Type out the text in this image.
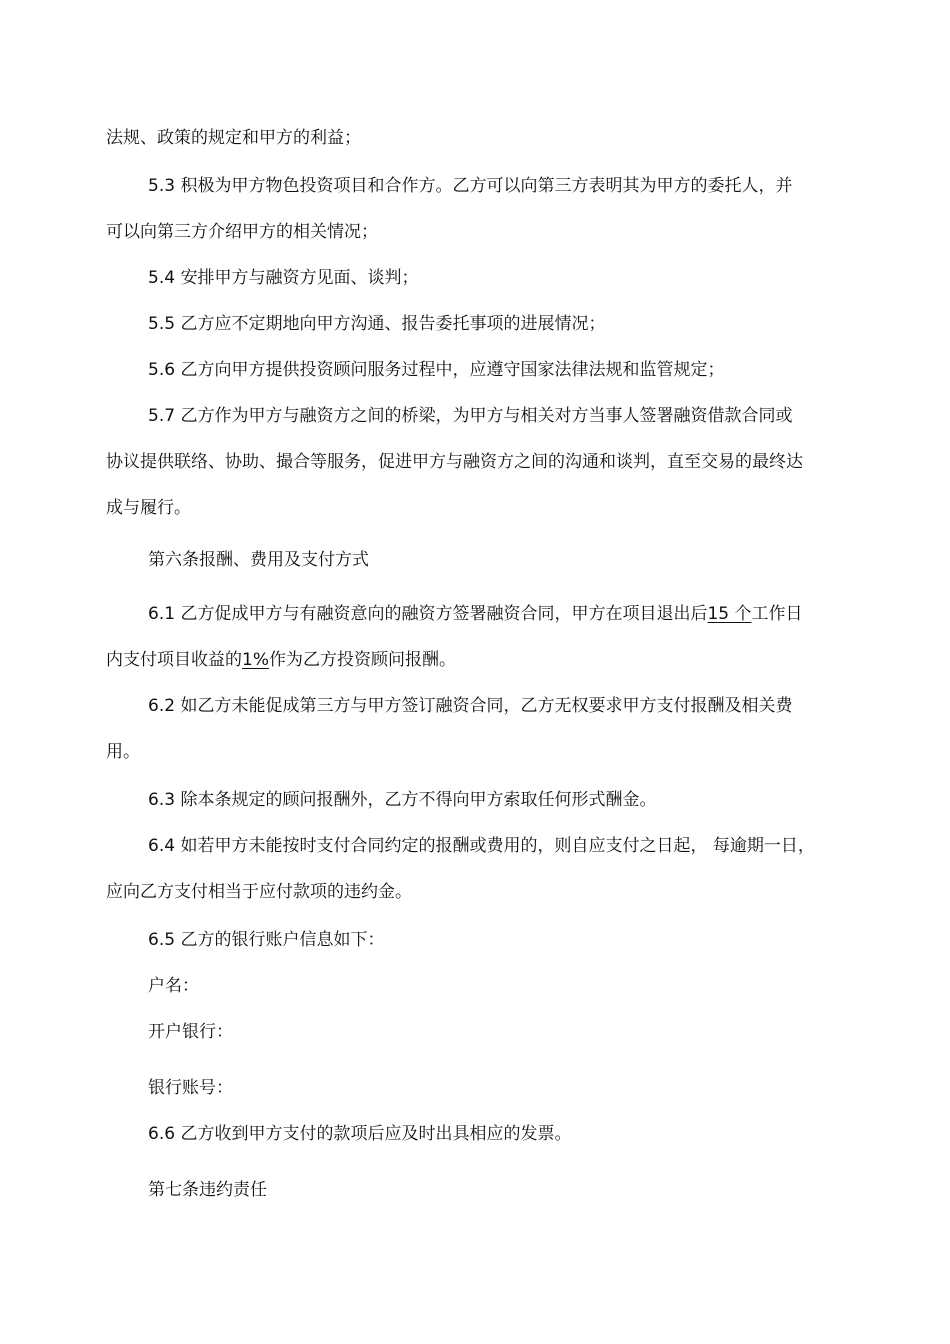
法规、政策的规定和甲方的利益；
5.3 积极为甲方物色投资项目和合作方。乙方可以向第三方表明其为甲方的委托人，并
可以向第三方介绍甲方的相关情况；
5.4 安排甲方与融资方见面、谈判；
5.5 乙方应不定期地向甲方沟通、报告委托事项的进展情况；
5.6 乙方向甲方提供投资顾问服务过程中，应遵守国家法律法规和监管规定；
5.7 乙方作为甲方与融资方之间的桥梁，为甲方与相关对方当事人签署融资借款合同或
协议提供联络、协助、撮合等服务，促进甲方与融资方之间的沟通和谈判，直至交易的最终达
成与履行。
第六条报酬、费用及支付方式
6.1 乙方促成甲方与有融资意向的融资方签署融资合同，甲方在项目退出后15 个工作日
内支付项目收益的1%作为乙方投资顾问报酬。
6.2 如乙方未能促成第三方与甲方签订融资合同，乙方无权要求甲方支付报酬及相关费
用。
6.3 除本条规定的顾问报酬外，乙方不得向甲方索取任何形式酬金。
6.4 如若甲方未能按时支付合同约定的报酬或费用的，则自应支付之日起， 每逾期一日，
应向乙方支付相当于应付款项的违约金。
6.5 乙方的银行账户信息如下：
户名：
开户银行：
银行账号：
6.6 乙方收到甲方支付的款项后应及时出具相应的发票。
第七条违约责任
